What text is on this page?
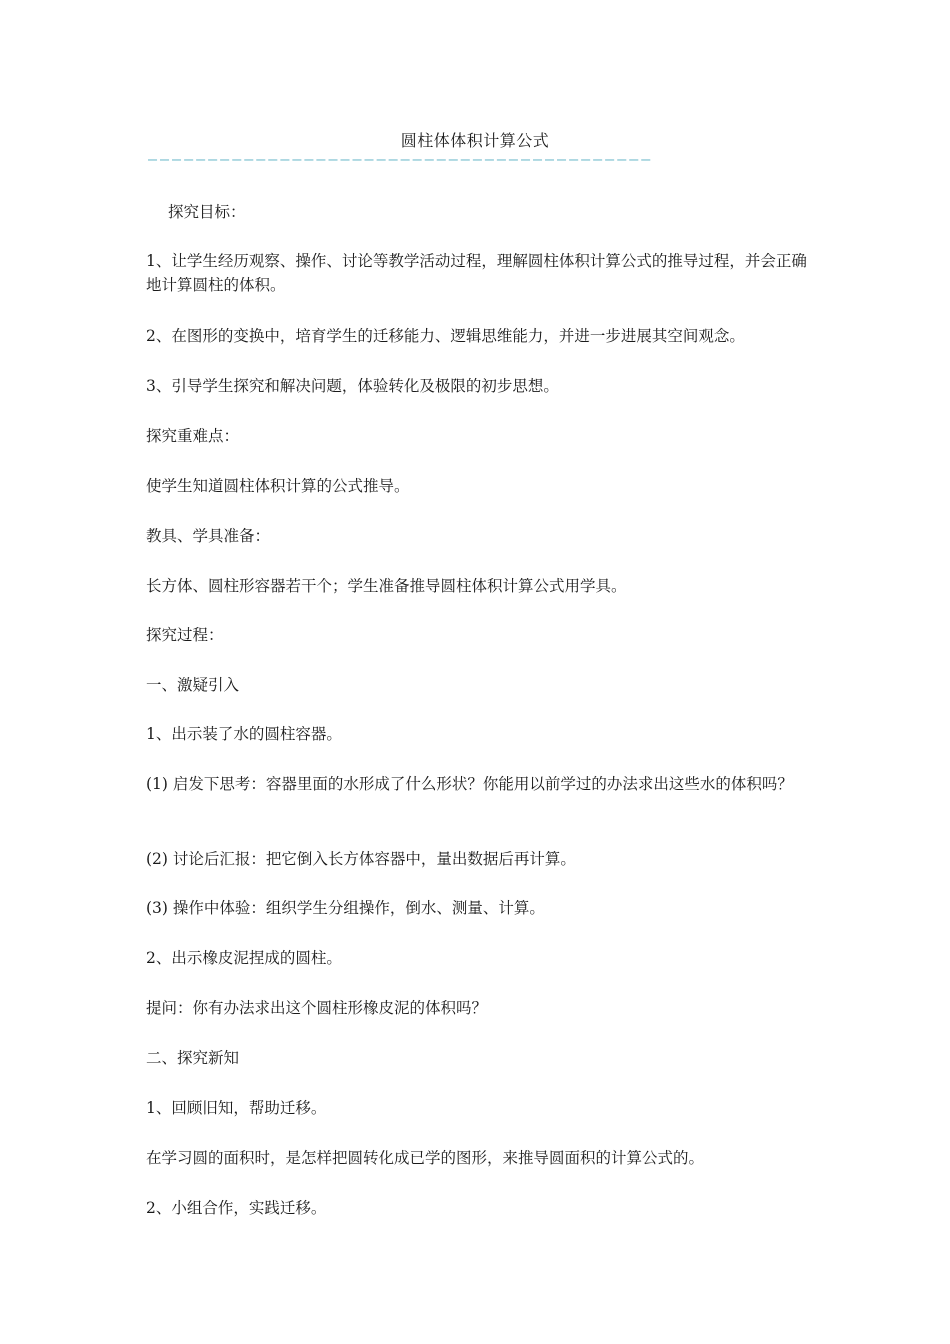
圆柱体体积计算公式
——————————————————————————————————————————
探究目标：
1、让学生经历观察、操作、讨论等教学活动过程，理解圆柱体积计算公式的推导过程，并会正确地计算圆柱的体积。
2、在图形的变换中，培育学生的迁移能力、逻辑思维能力，并进一步进展其空间观念。
3、引导学生探究和解决问题，体验转化及极限的初步思想。
探究重难点：
使学生知道圆柱体积计算的公式推导。
教具、学具准备：
长方体、圆柱形容器若干个；学生准备推导圆柱体积计算公式用学具。
探究过程：
一、激疑引入
1、出示装了水的圆柱容器。
(1) 启发下思考：容器里面的水形成了什么形状？你能用以前学过的办法求出这些水的体积吗？
(2) 讨论后汇报：把它倒入长方体容器中，量出数据后再计算。
(3) 操作中体验：组织学生分组操作，倒水、测量、计算。
2、出示橡皮泥捏成的圆柱。
提问：你有办法求出这个圆柱形橡皮泥的体积吗？
二、探究新知
1、回顾旧知，帮助迁移。
在学习圆的面积时，是怎样把圆转化成已学的图形，来推导圆面积的计算公式的。
2、小组合作，实践迁移。
